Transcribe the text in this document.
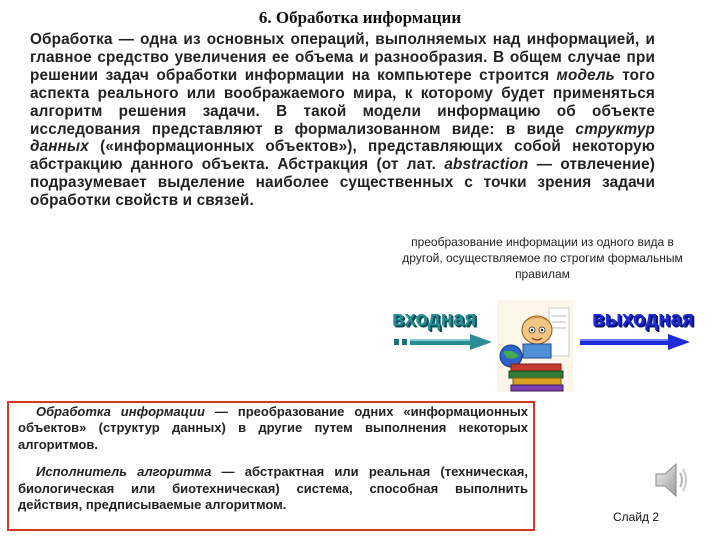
6. Обработка информации
Обработка — одна из основных операций, выполняемых над информацией, и главное средство увеличения ее объема и разнообразия. В общем случае при решении задач обработки информации на компьютере строится модель того аспекта реального или воображаемого мира, к которому будет применяться алгоритм решения задачи. В такой модели информацию об объекте исследования представляют в формализованном виде: в виде структур данных («информационных объектов»), представляющих собой некоторую абстракцию данного объекта. Абстракция (от лат. abstraction — отвлечение) подразумевает выделение наиболее существенных с точки зрения задачи обработки свойств и связей.
преобразование информации из одного вида в другой, осуществляемое по строгим формальным правилам
входная	выходная

Обработка информации — преобразование одних «информационных объектов» (структур данных) в другие путем выполнения некоторых алгоритмов.

Исполнитель алгоритма — абстрактная или реальная (техническая, биологическая или биотехническая) система, способная выполнить действия, предписываемые алгоритмом.

Слайд 2
